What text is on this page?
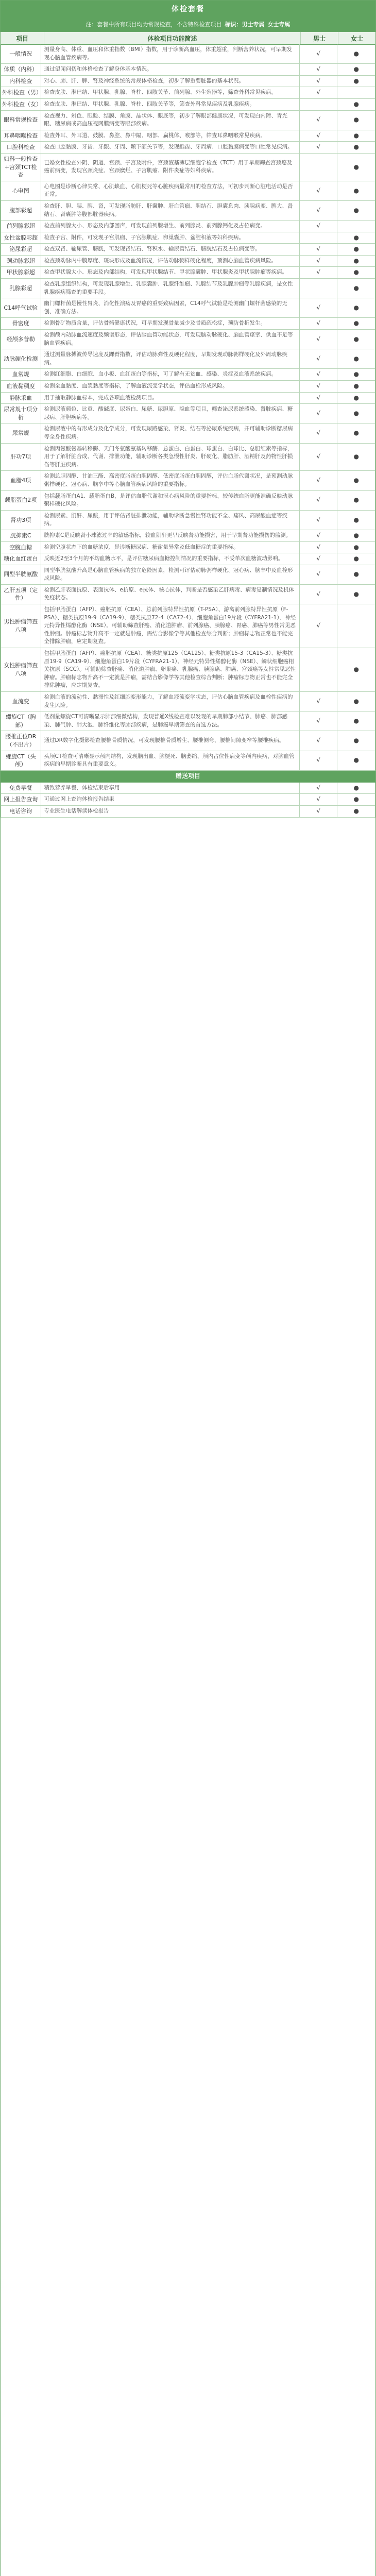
体检套餐
注：套餐中所有项目均为常规检查，不含特殊检查项目 标识：男士专属 女士专属
项目	体检项目功能简述	男士	女士
一般情况	测量身高、体重、血压和体重指数（BMI）指数，用于诊断高血压，体重超重，判断营养状况，可早期发现心脑血管疾病等。	√	●
体质（内科）	通过望闻问切和体格检查了解身体基本情况。	√	●
内科检查	对心、肺、肝、脾、肾及神经系统的常规体格检查，初步了解重要脏器的基本状况。	√	●
外科检查（男）	检查皮肤、淋巴结、甲状腺、乳腺、脊柱、四肢关节、前列腺、外生殖器等，筛查外科常见疾病。	√	
外科检查（女）	检查皮肤、淋巴结、甲状腺、乳腺、脊柱、四肢关节等，筛查外科常见疾病及乳腺疾病。		●
眼科常规检查	检查视力、辨色、眼睑、结膜、角膜、晶状体、眼底等，初步了解眼部健康状况，可发现白内障、青光眼、糖尿病或高血压视网膜病变等眼部疾病。	√	●
耳鼻咽喉检查	检查外耳、外耳道、鼓膜、鼻腔、鼻中隔、咽部、扁桃体、喉部等，筛查耳鼻咽喉常见疾病。	√	●
口腔科检查	检查口腔黏膜、牙齿、牙龈、牙周、颞下颌关节等，发现龋齿、牙周病、口腔黏膜病变等口腔常见疾病。	√	●
妇科一般检查+宫颈TCT检查	已婚女性检查外阴、阴道、宫颈、子宫及附件，宫颈液基薄层细胞学检查（TCT）用于早期筛查宫颈癌及癌前病变，发现宫颈炎症、宫颈糜烂、子宫肌瘤、附件炎症等妇科疾病。		●
心电图	心电图是诊断心律失常、心肌缺血、心肌梗死等心脏疾病最常用的检查方法，可初步判断心脏电活动是否正常。	√	●
腹部彩超	检查肝、胆、胰、脾、肾，可发现脂肪肝、肝囊肿、肝血管瘤、胆结石、胆囊息肉、胰腺病变、脾大、肾结石、肾囊肿等腹部脏器疾病。	√	●
前列腺彩超	检查前列腺大小、形态及内部回声，可发现前列腺增生、前列腺炎、前列腺钙化及占位病变。	√	
女性盆腔彩超	检查子宫、附件，可发现子宫肌瘤、子宫腺肌症、卵巢囊肿、盆腔积液等妇科疾病。		●
泌尿彩超	检查双肾、输尿管、膀胱，可发现肾结石、肾积水、输尿管结石、膀胱结石及占位病变等。	√	●
颈动脉彩超	检查颈动脉内中膜厚度、斑块形成及血流情况，评估动脉粥样硬化程度，预测心脑血管疾病风险。	√	●
甲状腺彩超	检查甲状腺大小、形态及内部结构，可发现甲状腺结节、甲状腺囊肿、甲状腺炎及甲状腺肿瘤等疾病。	√	●
乳腺彩超	检查乳腺组织结构，可发现乳腺增生、乳腺囊肿、乳腺纤维瘤、乳腺结节及乳腺肿瘤等乳腺疾病，是女性乳腺疾病筛查的重要手段。		●
C14呼气试验	幽门螺杆菌是慢性胃炎、消化性溃疡及胃癌的重要致病因素，C14呼气试验是检测幽门螺杆菌感染的无创、准确方法。	√	●
骨密度	检测骨矿物质含量，评估骨骼健康状况，可早期发现骨量减少及骨质疏松症，预防骨折发生。	√	●
经颅多普勒	检测颅内动脉血流速度及频谱形态，评估脑血管功能状态，可发现脑动脉硬化、脑血管痉挛、供血不足等脑血管疾病。	√	●
动脉硬化检测	通过测量脉搏波传导速度及踝臂指数，评估动脉弹性及硬化程度，早期发现动脉粥样硬化及外周动脉疾病。	√	●
血常规	检测红细胞、白细胞、血小板、血红蛋白等指标，可了解有无贫血、感染、炎症及血液系统疾病。	√	●
血液黏稠度	检测全血黏度、血浆黏度等指标，了解血液流变学状态，评估血栓形成风险。	√	●
静脉采血	用于抽取静脉血标本，完成各项血液检测项目。	√	●
尿常规十项分析	检测尿液颜色、比重、酸碱度、尿蛋白、尿糖、尿胆原、隐血等项目，筛查泌尿系统感染、肾脏疾病、糖尿病、肝胆疾病等。	√	●
尿常规	检测尿液中的有形成分及化学成分，可发现尿路感染、肾炎、结石等泌尿系统疾病，并可辅助诊断糖尿病等全身性疾病。	√	●
肝功7项	检测丙氨酸氨基转移酶、天门冬氨酸氨基转移酶、总蛋白、白蛋白、球蛋白、白球比、总胆红素等指标，用于了解肝脏合成、代谢、排泄功能，辅助诊断各类急慢性肝炎、肝硬化、脂肪肝、酒精肝及药物性肝损伤等肝脏疾病。	√	●
血脂4项	检测总胆固醇、甘油三酯、高密度脂蛋白胆固醇、低密度脂蛋白胆固醇，评估血脂代谢状况，是预测动脉粥样硬化、冠心病、脑卒中等心脑血管疾病风险的重要指标。	√	●
载脂蛋白2项	包括载脂蛋白A1、载脂蛋白B，是评估血脂代谢和冠心病风险的重要指标，较传统血脂更能准确反映动脉粥样硬化风险。	√	●
肾功3项	检测尿素、肌酐、尿酸，用于评估肾脏排泄功能，辅助诊断急慢性肾功能不全、痛风、高尿酸血症等疾病。	√	●
胱抑素C	胱抑素C是反映肾小球滤过率的敏感指标，较血肌酐更早反映肾功能损害，用于早期肾功能损伤的监测。	√	●
空腹血糖	检测空腹状态下的血糖浓度，是诊断糖尿病、糖耐量异常及低血糖症的重要指标。	√	●
糖化血红蛋白	反映近2至3个月的平均血糖水平，是评估糖尿病血糖控制情况的重要指标，不受单次血糖波动影响。	√	●
同型半胱氨酸	同型半胱氨酸升高是心脑血管疾病的独立危险因素，检测可评估动脉粥样硬化、冠心病、脑卒中及血栓形成风险。	√	●
乙肝五项（定性）	检测乙肝表面抗原、表面抗体、e抗原、e抗体、核心抗体，判断是否感染乙肝病毒、病毒复制情况及机体免疫状态。	√	●
男性肿瘤筛查八项	包括甲胎蛋白（AFP）、癌胚抗原（CEA）、总前列腺特异性抗原（T-PSA）、游离前列腺特异性抗原（F-PSA）、糖类抗原19-9（CA19-9）、糖类抗原72-4（CA72-4）、细胞角蛋白19片段（CYFRA21-1）、神经元特异性烯醇化酶（NSE）。可辅助筛查肝癌、消化道肿瘤、前列腺癌、胰腺癌、胃癌、肺癌等男性常见恶性肿瘤。肿瘤标志物升高不一定就是肿瘤，需结合影像学等其他检查综合判断；肿瘤标志物正常也不能完全排除肿瘤，应定期复查。	√	
女性肿瘤筛查八项	包括甲胎蛋白（AFP）、癌胚抗原（CEA）、糖类抗原125（CA125）、糖类抗原15-3（CA15-3）、糖类抗原19-9（CA19-9）、细胞角蛋白19片段（CYFRA21-1）、神经元特异性烯醇化酶（NSE）、鳞状细胞癌相关抗原（SCC）。可辅助筛查肝癌、消化道肿瘤、卵巢癌、乳腺癌、胰腺癌、肺癌、宫颈癌等女性常见恶性肿瘤。肿瘤标志物升高不一定就是肿瘤，需结合影像学等其他检查综合判断；肿瘤标志物正常也不能完全排除肿瘤，应定期复查。		●
血流变	检测血液的流动性、黏滞性及红细胞变形能力，了解血液流变学状态，评估心脑血管疾病及血栓性疾病的发生风险。	√	●
螺旋CT（胸部）	低剂量螺旋CT可清晰显示肺部细微结构，发现普通X线检查难以发现的早期肺部小结节、肺癌、肺部感染、肺气肿、肺大泡、肺纤维化等肺部疾病，是肺癌早期筛查的首选方法。	√	●
腰椎正位DR（不出片）	通过DR数字化摄影检查腰椎骨质情况，可发现腰椎骨质增生、腰椎侧弯、腰椎间隙变窄等腰椎疾病。	√	●
螺旋CT（头颅）	头颅CT检查可清晰显示颅内结构，发现脑出血、脑梗死、脑萎缩、颅内占位性病变等颅内疾病，对脑血管疾病的早期诊断具有重要意义。	√	●
赠送项目			
免费早餐	精致营养早餐，体检结束后享用	√	●
网上报告查询	可通过网上查询体检报告结果	√	●
电话咨询	专业医生电话解读体检报告	√	●
